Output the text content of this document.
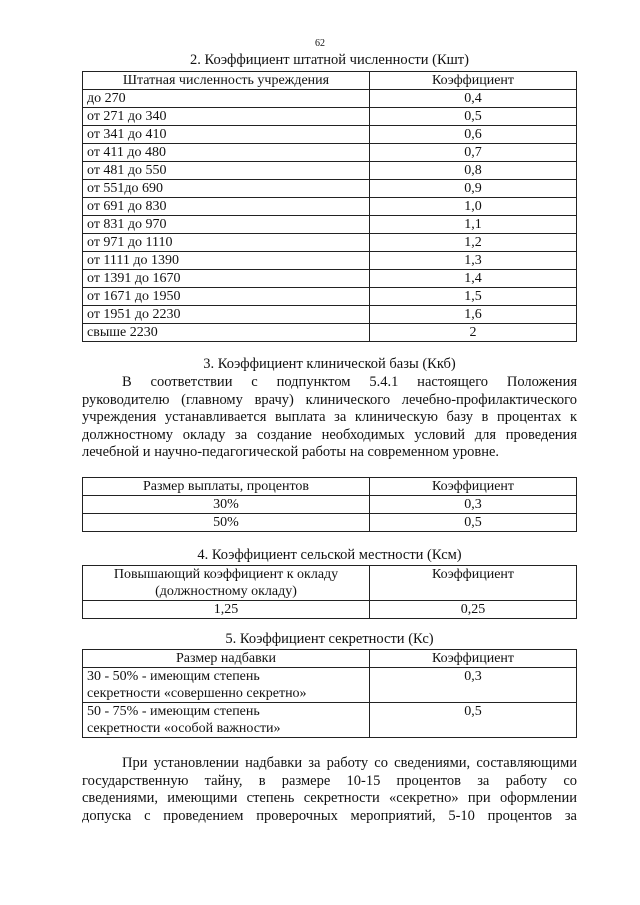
62
2. Коэффициент штатной численности (Кшт)
Штатная численность учреждения	Коэффициент
до 270	0,4
от 271 до 340	0,5
от 341 до 410	0,6
от 411 до 480	0,7
от 481 до 550	0,8
от 551до 690	0,9
от 691 до 830	1,0
от 831 до 970	1,1
от 971 до 1110	1,2
от 1111 до 1390	1,3
от 1391 до 1670	1,4
от 1671 до 1950	1,5
от 1951 до 2230	1,6
свыше 2230	2
3. Коэффициент клинической базы (Ккб)
В соответствии с подпунктом 5.4.1 настоящего Положения
руководителю (главному врачу) клинического лечебно-профилактического
учреждения устанавливается выплата за клиническую базу в процентах к
должностному окладу за создание необходимых условий для проведения
лечебной и научно-педагогической работы на современном уровне.
Размер выплаты, процентов	Коэффициент
30%	0,3
50%	0,5
4. Коэффициент сельской местности (Ксм)
Повышающий коэффициент к окладу
(должностному окладу)	Коэффициент
1,25	0,25
5. Коэффициент секретности (Кс)
Размер надбавки	Коэффициент

30 - 50% - имеющим степень
секретности «совершенно секретно»	0,3

50 - 75% - имеющим степень
секретности «особой важности»	0,5
При установлении надбавки за работу со сведениями, составляющими
государственную тайну, в размере 10-15 процентов за работу со
сведениями, имеющими степень секретности «секретно» при оформлении
допуска с проведением проверочных мероприятий, 5-10 процентов за
